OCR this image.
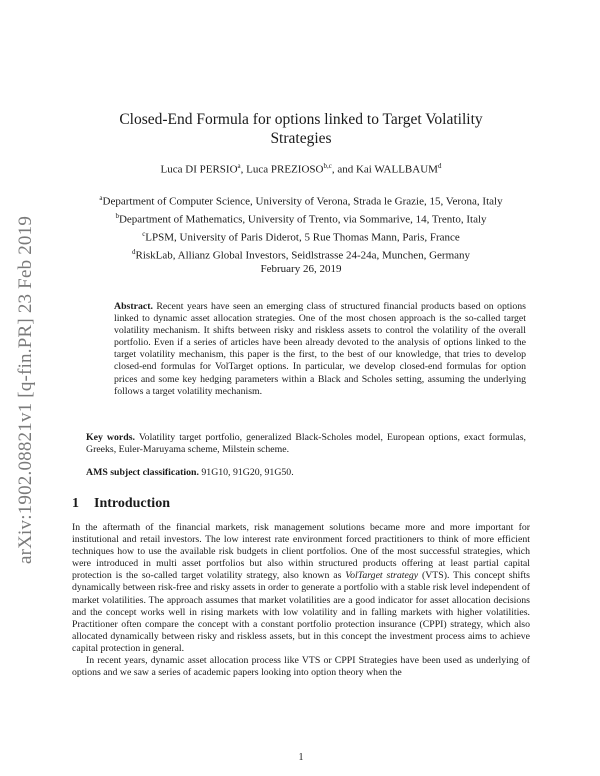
arXiv:1902.08821v1 [q-fin.PR] 23 Feb 2019
Closed-End Formula for options linked to Target Volatility
Strategies
Luca DI PERSIO$^a$, Luca PREZIOSO$^{b,c}$, and Kai WALLBAUM$^d$
$^a$Department of Computer Science, University of Verona, Strada le Grazie, 15, Verona, Italy
$^b$Department of Mathematics, University of Trento, via Sommarive, 14, Trento, Italy
$^c$LPSM, University of Paris Diderot, 5 Rue Thomas Mann, Paris, France
$^d$RiskLab, Allianz Global Investors, Seidlstrasse 24-24a, Munchen, Germany
February 26, 2019
Abstract. Recent years have seen an emerging class of structured financial products based on options linked to dynamic asset allocation strategies. One of the most chosen approach is the so-called target volatility mechanism. It shifts between risky and riskless assets to control the volatility of the overall portfolio. Even if a series of articles have been already devoted to the analysis of options linked to the target volatility mechanism, this paper is the first, to the best of our knowledge, that tries to develop closed-end formulas for VolTarget options. In particular, we develop closed-end formulas for option prices and some key hedging parameters within a Black and Scholes setting, assuming the underlying follows a target volatility mechanism.
Key words. Volatility target portfolio, generalized Black-Scholes model, European options, exact formulas, Greeks, Euler-Maruyama scheme, Milstein scheme.
AMS subject classification. 91G10, 91G20, 91G50.
1 Introduction

In the aftermath of the financial markets, risk management solutions became more and more important for institutional and retail investors. The low interest rate environment forced practitioners to think of more efficient techniques how to use the available risk budgets in client portfolios. One of the most successful strategies, which were introduced in multi asset portfolios but also within structured products offering at least partial capital protection is the so-called target volatility strategy, also known as VolTarget strategy (VTS). This concept shifts dynamically between risk-free and risky assets in order to generate a portfolio with a stable risk level independent of market volatilities. The approach assumes that market volatilities are a good indicator for asset allocation decisions and the concept works well in rising markets with low volatility and in falling markets with higher volatilities. Practitioner often compare the concept with a constant portfolio protection insurance (CPPI) strategy, which also allocated dynamically between risky and riskless assets, but in this concept the investment process aims to achieve capital protection in general.

In recent years, dynamic asset allocation process like VTS or CPPI Strategies have been used as underlying of options and we saw a series of academic papers looking into option theory when the

1
